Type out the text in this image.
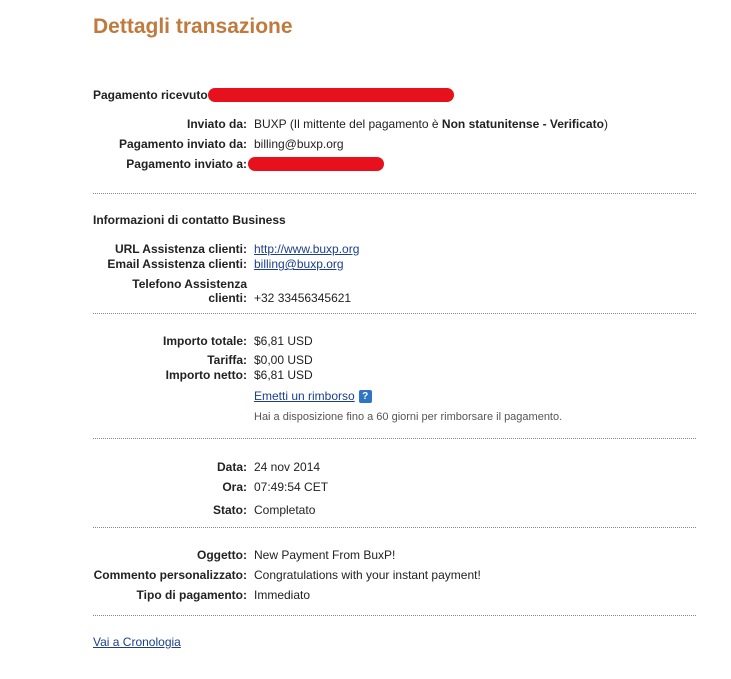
Dettagli transazione
Pagamento ricevuto
Inviato da: BUXP (Il mittente del pagamento è Non statunitense - Verificato)
Pagamento inviato da: billing@buxp.org
Pagamento inviato a:
Informazioni di contatto Business
URL Assistenza clienti: http://www.buxp.org
Email Assistenza clienti: billing@buxp.org
Telefono Assistenza
clienti: +32 33456345621
Importo totale: $6,81 USD
Tariffa: $0,00 USD
Importo netto: $6,81 USD
Emetti un rimborso ?
Hai a disposizione fino a 60 giorni per rimborsare il pagamento.
Data: 24 nov 2014
Ora: 07:49:54 CET
Stato: Completato
Oggetto: New Payment From BuxP!
Commento personalizzato: Congratulations with your instant payment!
Tipo di pagamento: Immediato
Vai a Cronologia
